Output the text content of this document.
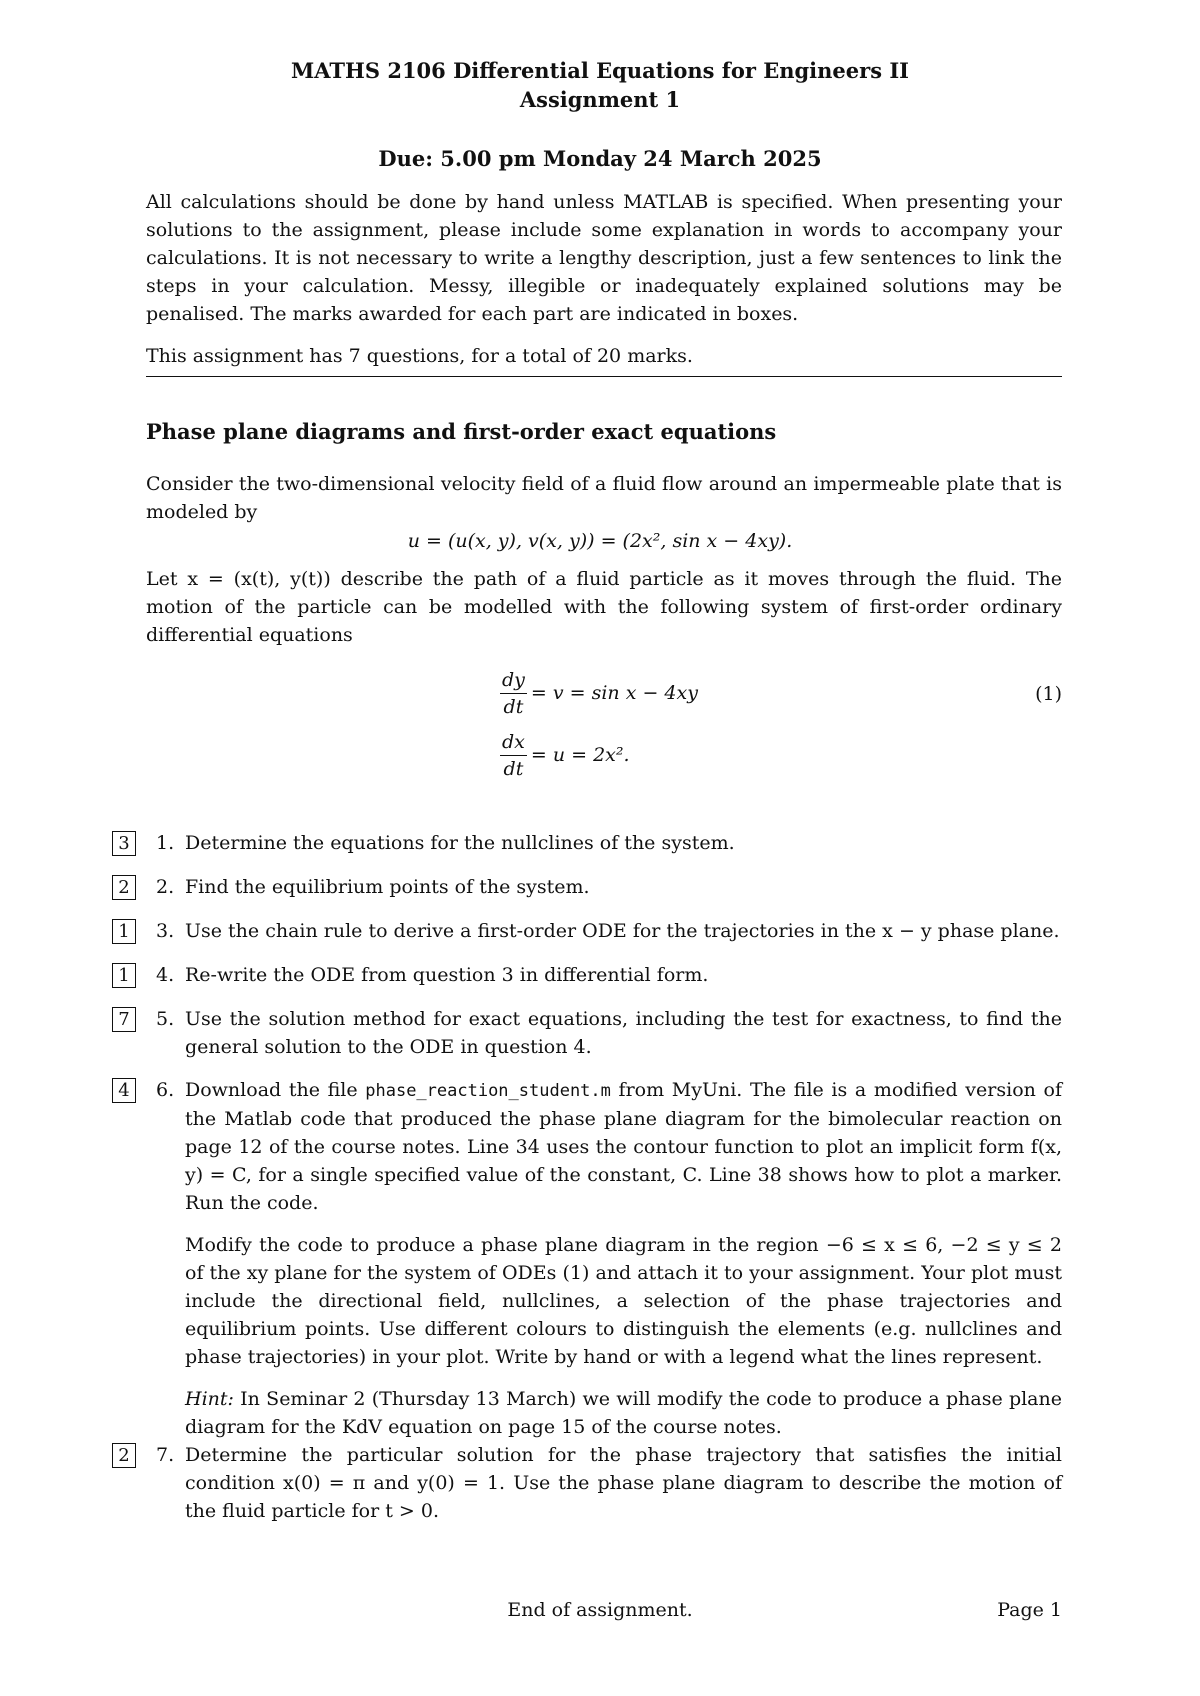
MATHS 2106 Differential Equations for Engineers II
Assignment 1
Due: 5.00 pm Monday 24 March 2025

All calculations should be done by hand unless MATLAB is specified. When presenting your solutions to the assignment, please include some explanation in words to accompany your calculations. It is not necessary to write a lengthy description, just a few sentences to link the steps in your calculation. Messy, illegible or inadequately explained solutions may be penalised. The marks awarded for each part are indicated in boxes.

This assignment has 7 questions, for a total of 20 marks.

Phase plane diagrams and first-order exact equations
Consider the two-dimensional velocity field of a fluid flow around an impermeable plate that is modeled by
u = (u(x, y), v(x, y)) = (2x², sin x − 4xy).
Let x = (x(t), y(t)) describe the path of a fluid particle as it moves through the fluid. The motion of the particle can be modelled with the following system of first-order ordinary differential equations
$\frac{dy}{dt} = v = \sin x - 4xy$	(1)
$\frac{dx}{dt} = u = 2x^2$.
3	1. Determine the equations for the nullclines of the system.
2	2. Find the equilibrium points of the system.
1	3. Use the chain rule to derive a first-order ODE for the trajectories in the x − y phase plane.
1	4. Re-write the ODE from question 3 in differential form.
7	5. Use the solution method for exact equations, including the test for exactness, to find the general solution to the ODE in question 4.
4	6. Download the file phase_reaction_student.m from MyUni. The file is a modified version of the Matlab code that produced the phase plane diagram for the bimolecular reaction on page 12 of the course notes. Line 34 uses the contour function to plot an implicit form f(x, y) = C, for a single specified value of the constant, C. Line 38 shows how to plot a marker. Run the code.

Modify the code to produce a phase plane diagram in the region −6 ≤ x ≤ 6, −2 ≤ y ≤ 2 of the xy plane for the system of ODEs (1) and attach it to your assignment. Your plot must include the directional field, nullclines, a selection of the phase trajectories and equilibrium points. Use different colours to distinguish the elements (e.g. nullclines and phase trajectories) in your plot. Write by hand or with a legend what the lines represent.

Hint: In Seminar 2 (Thursday 13 March) we will modify the code to produce a phase plane diagram for the KdV equation on page 15 of the course notes.

2	7. Determine the particular solution for the phase trajectory that satisfies the initial condition x(0) = π and y(0) = 1. Use the phase plane diagram to describe the motion of the fluid particle for t > 0.
End of assignment.	Page 1
